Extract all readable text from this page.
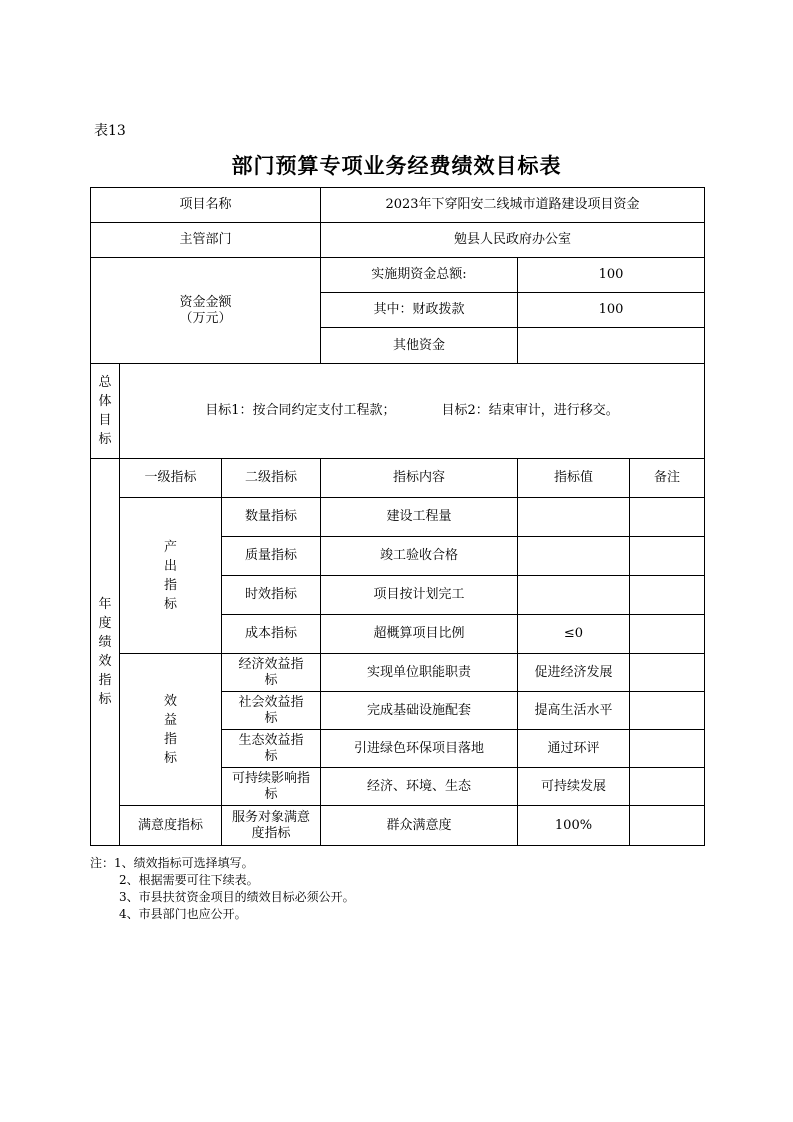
表13
部门预算专项业务经费绩效目标表
项目名称			2023年下穿阳安二线城市道路建设项目资金		
主管部门			勉县人民政府办公室		

资金金额
（万元）			实施期资金总额:	100	
			其中：财政拨款	100	
			其他资金		
总体目标	目标1：按合同约定支付工程款； 目标2：结束审计，进行移交。				
年度绩效指标	一级指标	二级指标	指标内容	指标值	备注
	产出指标	数量指标	建设工程量		
		质量指标	竣工验收合格		
		时效指标	项目按计划完工		
		成本指标	超概算项目比例	≤0	
	效益指标	经济效益指标	实现单位职能职责	促进经济发展	

		社会效益指标	完成基础设施配套	提高生活水平	

		生态效益指标	引进绿色环保项目落地	通过环评	

		可持续影响指标	经济、环境、生态	可持续发展	
	满意度指标	服务对象满意度指标	群众满意度	100%	
注：1、绩效指标可选择填写。
2、根据需要可往下续表。
3、市县扶贫资金项目的绩效目标必须公开。
4、市县部门也应公开。
